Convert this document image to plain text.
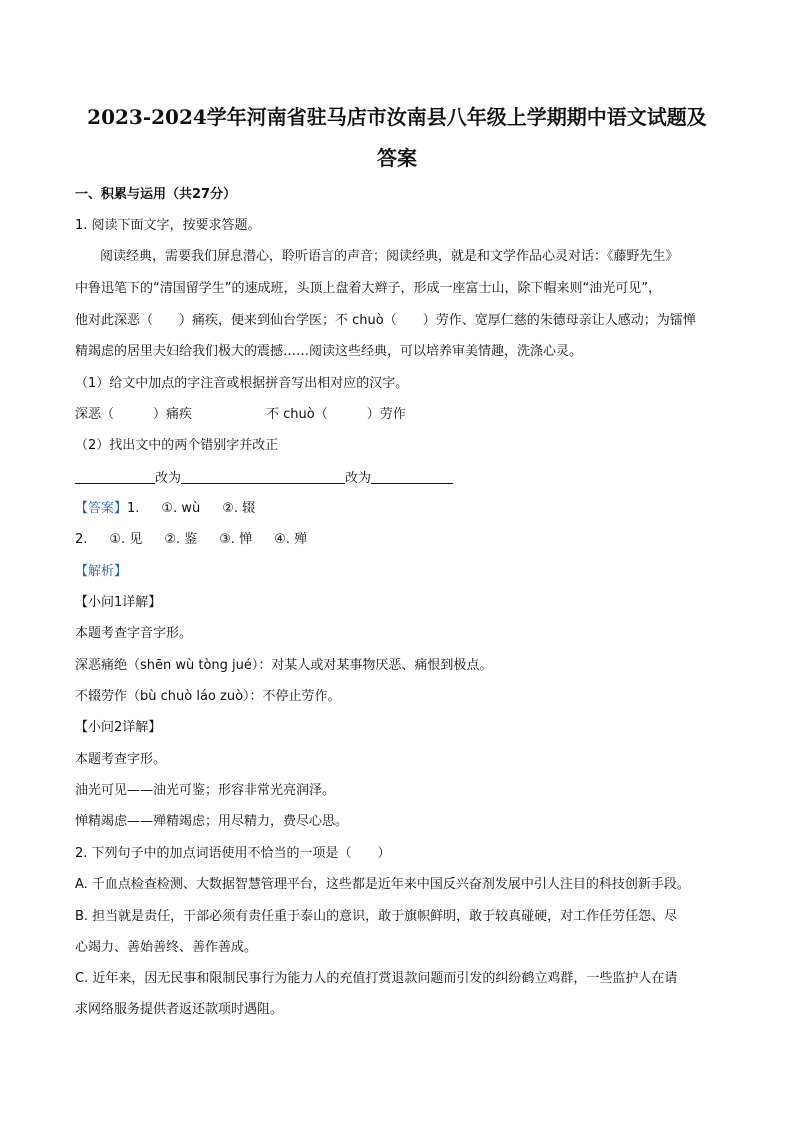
2023-2024学年河南省驻马店市汝南县八年级上学期期中语文试题及
答案
一、积累与运用（共27分）
1. 阅读下面文字，按要求答题。
阅读经典，需要我们屏息潜心，聆听语言的声音；阅读经典，就是和文学作品心灵对话：《藤野先生》
中鲁迅笔下的“清国留学生”的速成班，头顶上盘着大辫子，形成一座富士山，除下帽来则“油光可见”，
他对此深恶（　　）痛疾，便来到仙台学医；不 chuò（　　）劳作、宽厚仁慈的朱德母亲让人感动；为镭惮
精竭虑的居里夫妇给我们极大的震撼……阅读这些经典，可以培养审美情趣，洗涤心灵。
（1）给文中加点的字注音或根据拼音写出相对应的汉字。
深恶（　　　）痛疾	不 chuò（　　　）劳作
（2）找出文中的两个错别字并改正
改为	改为
【答案】1. ①. wù ②. 辍
2. ①. 见 ②. 鉴 ③. 惮 ④. 殚
【解析】
【小问1详解】
本题考查字音字形。
深恶痛绝（shēn wù tòng jué）：对某人或对某事物厌恶、痛恨到极点。
不辍劳作（bù chuò láo zuò）：不停止劳作。
【小问2详解】
本题考查字形。
油光可见——油光可鉴；形容非常光亮润泽。
惮精竭虑——殚精竭虑；用尽精力，费尽心思。
2. 下列句子中的加点词语使用不恰当的一项是（　　）
A. 千血点检查检测、大数据智慧管理平台，这些都是近年来中国反兴奋剂发展中引人注目的科技创新手段。
B. 担当就是责任，干部必须有责任重于泰山的意识，敢于旗帜鲜明，敢于较真碰硬，对工作任劳任怨、尽
心竭力、善始善终、善作善成。
C. 近年来，因无民事和限制民事行为能力人的充值打赏退款问题而引发的纠纷鹤立鸡群，一些监护人在请
求网络服务提供者返还款项时遇阻。
